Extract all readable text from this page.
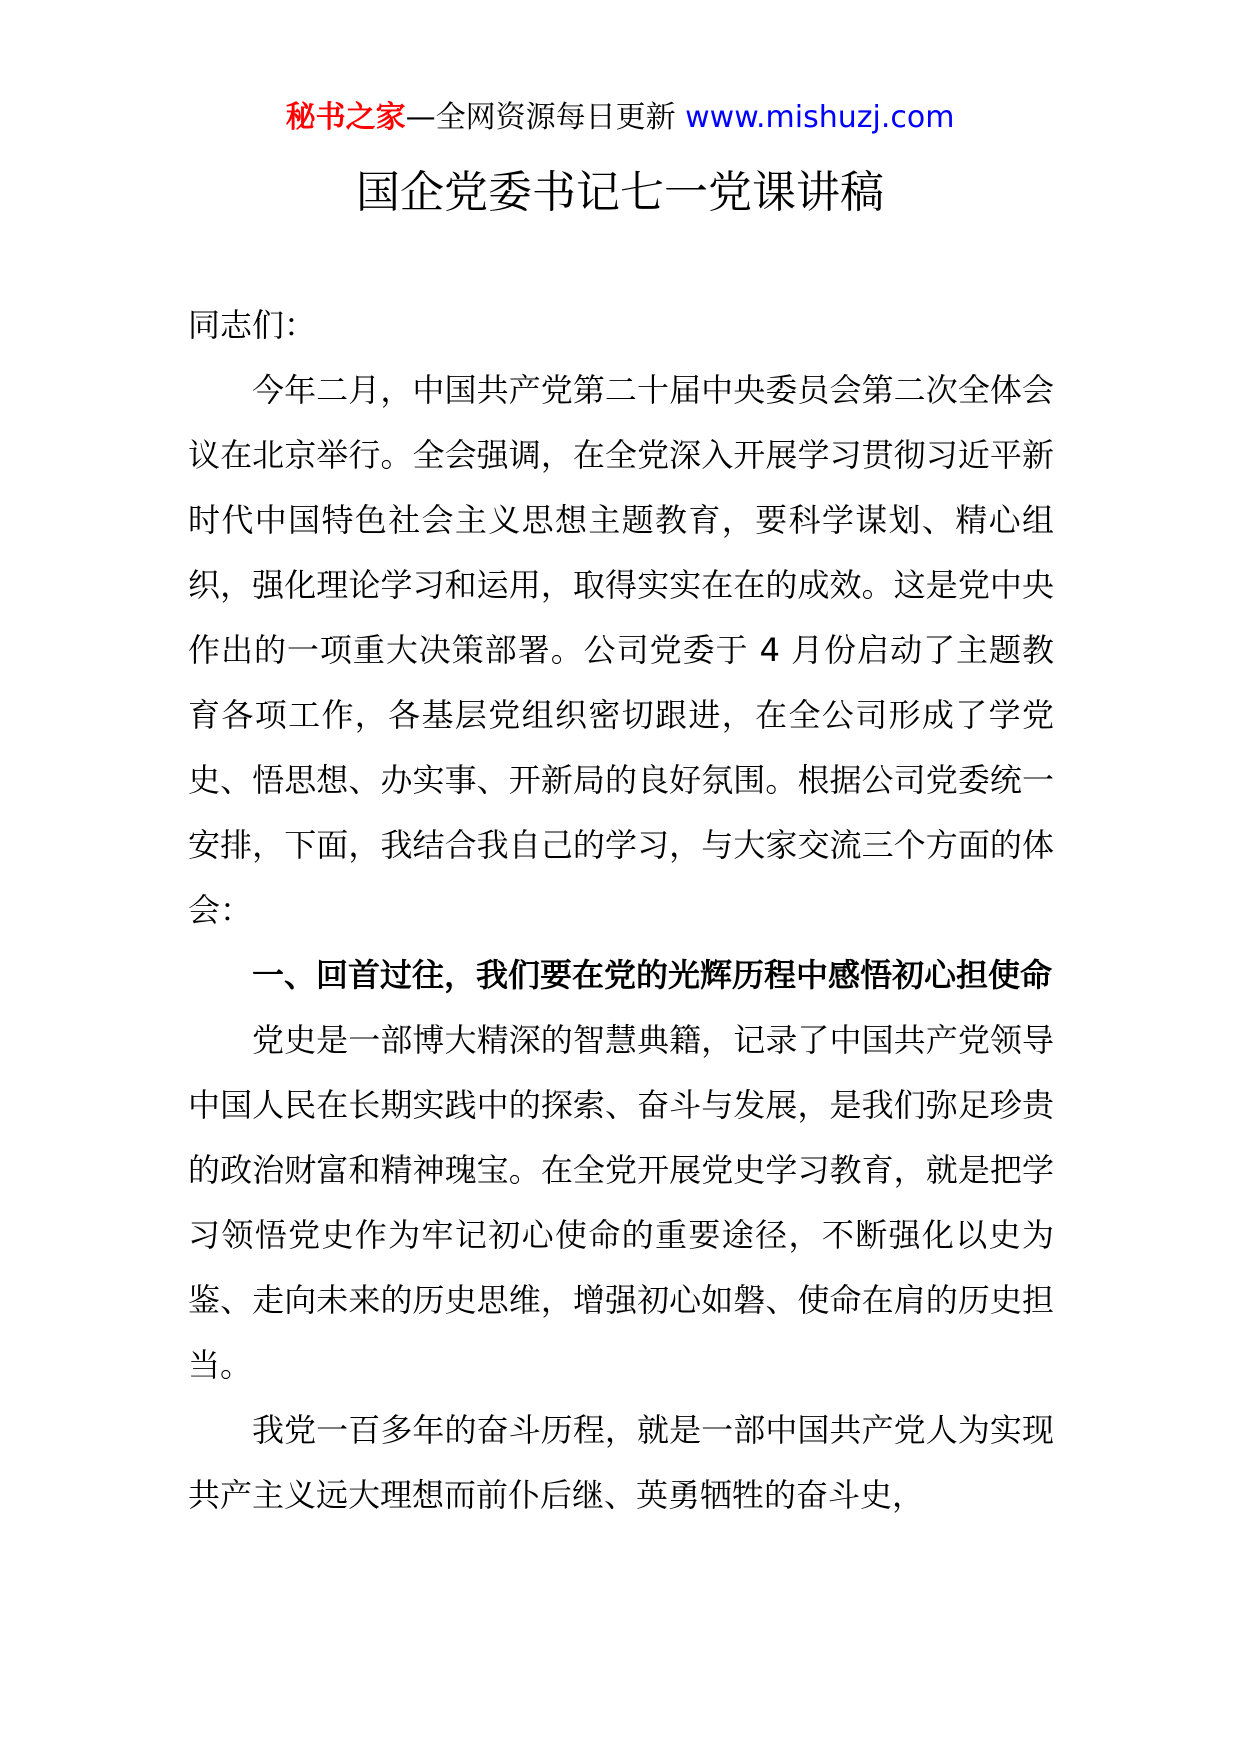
秘书之家—全网资源每日更新 www.mishuzj.com
国企党委书记七一党课讲稿

同志们：

今年二月，中国共产党第二十届中央委员会第二次全体会议在北京举行。全会强调，在全党深入开展学习贯彻习近平新时代中国特色社会主义思想主题教育，要科学谋划、精心组织，强化理论学习和运用，取得实实在在的成效。这是党中央作出的一项重大决策部署。公司党委于 4 月份启动了主题教育各项工作，各基层党组织密切跟进，在全公司形成了学党史、悟思想、办实事、开新局的良好氛围。根据公司党委统一安排，下面，我结合我自己的学习，与大家交流三个方面的体会：

一、回首过往，我们要在党的光辉历程中感悟初心担使命

党史是一部博大精深的智慧典籍，记录了中国共产党领导中国人民在长期实践中的探索、奋斗与发展，是我们弥足珍贵的政治财富和精神瑰宝。在全党开展党史学习教育，就是把学习领悟党史作为牢记初心使命的重要途径，不断强化以史为鉴、走向未来的历史思维，增强初心如磐、使命在肩的历史担当。

我党一百多年的奋斗历程，就是一部中国共产党人为实现共产主义远大理想而前仆后继、英勇牺牲的奋斗史，
